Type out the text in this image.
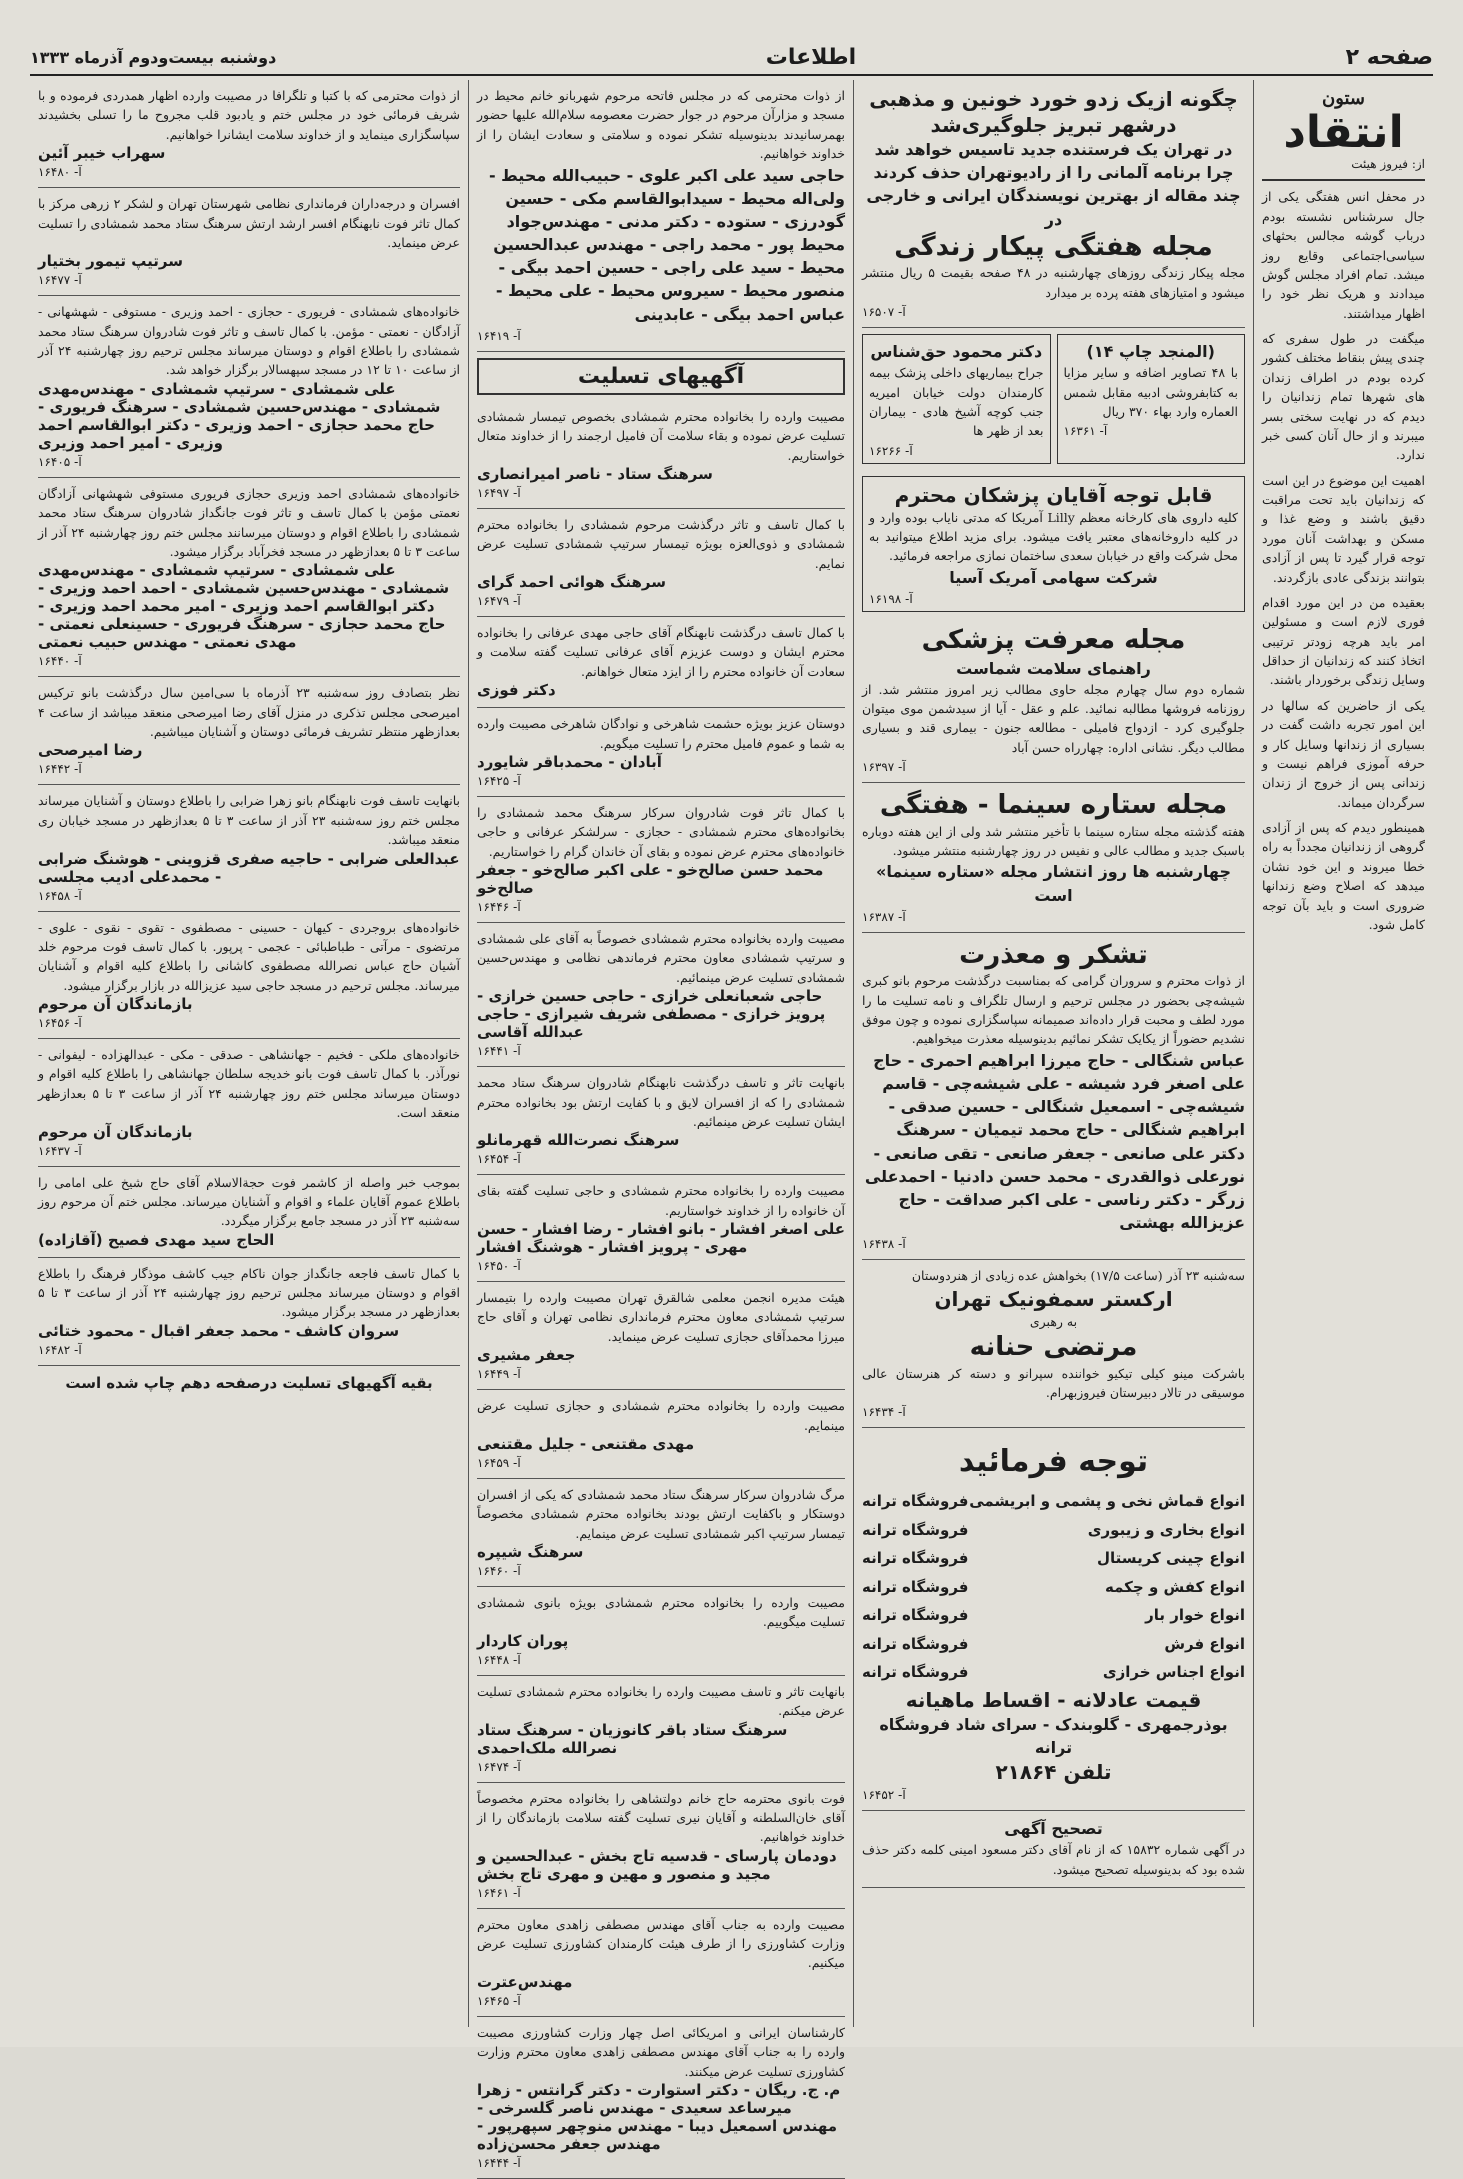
صفحه ۲
اطلاعات
دوشنبه بیست‌ودوم آذرماه ۱۳۳۳
ستون
انتقاد
از: فیروز هیئت
در محفل انس هفتگی یکی از جال سرشناس نشسته بودم درباب گوشه مجالس بحثهای سیاسی‌اجتماعی وقایع روز میشد. تمام افراد مجلس گوش میدادند و هریک نظر خود را اظهار میداشتند.
میگفت در طول سفری که چندی پیش بنقاط مختلف کشور کرده بودم در اطراف زندان های شهرها تمام زندانیان را دیدم که در نهایت سختی بسر میبرند و از حال آنان کسی خبر ندارد.
اهمیت این موضوع در این است که زندانیان باید تحت مراقبت دقیق باشند و وضع غذا و مسکن و بهداشت آنان مورد توجه قرار گیرد تا پس از آزادی بتوانند بزندگی عادی بازگردند.
بعقیده من در این مورد اقدام فوری لازم است و مسئولین امر باید هرچه زودتر ترتیبی اتخاذ کنند که زندانیان از حداقل وسایل زندگی برخوردار باشند.
یکی از حاضرین که سالها در این امور تجربه داشت گفت در بسیاری از زندانها وسایل کار و حرفه آموزی فراهم نیست و زندانی پس از خروج از زندان سرگردان میماند.
همینطور دیدم که پس از آزادی گروهی از زندانیان مجدداً به راه خطا میروند و این خود نشان میدهد که اصلاح وضع زندانها ضروری است و باید بآن توجه کامل شود.
چگونه ازیک زدو خورد خونین و مذهبی درشهر تبریز جلوگیری‌شد
در تهران یک فرستنده جدید تاسیس خواهد شد
چرا برنامه آلمانی را از رادیوتهران حذف کردند
چند مقاله از بهترین نویسندگان ایرانی و خارجی در
مجله هفتگی پیکار زندگی
مجله پیکار زندگی روزهای چهارشنبه در ۴۸ صفحه بقیمت ۵ ریال منتشر میشود و امتیازهای هفته پرده بر میدارد
آ- ۱۶۵۰۷
(المنجد چاپ ۱۴)
با ۴۸ تصاویر اضافه و سایر مزایا به کتابفروشی ادبیه مقابل شمس العماره وارد بهاء ۳۷۰ ریال
آ- ۱۶۳۶۱
دکتر محمود حق‌شناس
جراح بیماریهای داخلی پزشک بیمه کارمندان دولت خیابان امیریه جنب کوچه آشیخ هادی - بیماران بعد از ظهر ها
آ- ۱۶۲۶۶
قابل توجه آقایان پزشکان محترم
کلیه داروی های کارخانه معظم Lilly آمریکا که مدتی نایاب بوده وارد و در کلیه داروخانه‌های معتبر یافت میشود. برای مزید اطلاع میتوانید به محل شرکت واقع در خیابان سعدی ساختمان نمازی مراجعه فرمائید.
شرکت سهامی آمریک آسیا
آ- ۱۶۱۹۸
مجله معرفت پزشکی
راهنمای سلامت شماست
شماره دوم سال چهارم مجله حاوی مطالب زیر امروز منتشر شد. از روزنامه فروشها مطالبه نمائید. علم و عقل - آیا از سیدشمن موی میتوان جلوگیری کرد - ازدواج فامیلی - مطالعه جنون - بیماری قند و بسیاری مطالب دیگر. نشانی اداره: چهارراه حسن آباد
آ- ۱۶۳۹۷
مجله ستاره سینما - هفتگی
هفته گذشته مجله ستاره سینما با تأخیر منتشر شد ولی از این هفته دوباره باسبک جدید و مطالب عالی و نفیس در روز چهارشنبه منتشر میشود.
چهارشنبه ها روز انتشار مجله «ستاره سینما» است
آ- ۱۶۳۸۷
تشکر و معذرت
از ذوات محترم و سروران گرامی که بمناسبت درگذشت مرحوم بانو کبری شیشه‌چی بحضور در مجلس ترحیم و ارسال تلگراف و نامه تسلیت ما را مورد لطف و محبت قرار داده‌اند صمیمانه سپاسگزاری نموده و چون موفق نشدیم حضوراً از یکایک تشکر نمائیم بدینوسیله معذرت میخواهیم.
عباس شنگالی - حاج میرزا ابراهیم احمری - حاج علی اصغر فرد شیشه - علی شیشه‌چی - قاسم شیشه‌چی - اسمعیل شنگالی - حسین صدقی - ابراهیم شنگالی - حاج محمد تیمیان - سرهنگ دکتر علی صانعی - جعفر صانعی - تقی صانعی - نورعلی ذوالقدری - محمد حسن دادنیا - احمدعلی زرگر - دکتر رناسی - علی اکبر صداقت - حاج عزیزالله بهشتی
آ- ۱۶۴۳۸
سه‌شنبه ۲۳ آذر (ساعت ۱۷/۵) بخواهش عده زیادی از هنردوستان
ارکستر سمفونیک تهران
به رهبری
مرتضی حنانه
باشرکت مینو کیلی تیکیو خواننده سپرانو و دسته کر هنرستان عالی موسیقی در تالار دبیرستان فیروزبهرام.
آ- ۱۶۴۳۴
توجه فرمائید
انواع قماش نخی و پشمی و ابریشمی
فروشگاه ترانه
انواع بخاری و زیبوری
فروشگاه ترانه
انواع چینی کریستال
فروشگاه ترانه
انواع کفش و چکمه
فروشگاه ترانه
انواع خوار بار
فروشگاه ترانه
انواع فرش
فروشگاه ترانه
انواع اجناس خرازی
فروشگاه ترانه
قیمت عادلانه - اقساط ماهیانه
بوذرجمهری - گلوبندک - سرای شاد فروشگاه ترانه
تلفن ۲۱۸۶۴
آ- ۱۶۴۵۲
تصحیح آگهی
در آگهی شماره ۱۵۸۳۲ که از نام آقای دکتر مسعود امینی کلمه دکتر حذف شده بود که بدینوسیله تصحیح میشود.
از ذوات محترمی که در مجلس فاتحه مرحوم شهربانو خانم محیط در مسجد و مزارآن مرحوم در جوار حضرت معصومه سلام‌الله علیها حضور بهمرسانیدند بدینوسیله تشکر نموده و سلامتی و سعادت ایشان را از خداوند خواهانیم.
حاجی سید علی اکبر علوی - حبیب‌الله محیط - ولی‌اله محیط - سیدابوالقاسم مکی - حسین گودرزی - ستوده - دکتر مدنی - مهندس‌جواد محیط پور - محمد راجی - مهندس عبدالحسین محیط - سید علی راجی - حسین احمد بیگی - منصور محیط - سیروس محیط - علی محیط - عباس احمد بیگی - عابدینی
آ- ۱۶۴۱۹
آگهیهای تسلیت
مصیبت وارده را بخانواده محترم شمشادی بخصوص تیمسار شمشادی تسلیت عرض نموده و بقاء سلامت آن فامیل ارجمند را از خداوند متعال خواستاریم.
سرهنگ ستاد - ناصر امیرانصاری
آ- ۱۶۴۹۷
با کمال تاسف و تاثر درگذشت مرحوم شمشادی را بخانواده محترم شمشادی و ذوی‌العزه بویژه تیمسار سرتیپ شمشادی تسلیت عرض نمایم.
سرهنگ هوائی احمد گرای
آ- ۱۶۴۷۹
با کمال تاسف درگذشت نابهنگام آقای حاجی مهدی عرفانی را بخانواده محترم ایشان و دوست عزیزم آقای عرفانی تسلیت گفته سلامت و سعادت آن خانواده محترم را از ایزد متعال خواهانم.
دکتر فوزی
دوستان عزیز بویژه حشمت شاهرخی و نوادگان شاهرخی مصیبت وارده به شما و عموم فامیل محترم را تسلیت میگویم.
آبادان - محمدباقر شایورد
آ- ۱۶۴۲۵
با کمال تاثر فوت شادروان سرکار سرهنگ محمد شمشادی را بخانواده‌های محترم شمشادی - حجازی - سرلشکر عرفانی و حاجی خانواده‌های محترم عرض نموده و بقای آن خاندان گرام را خواستاریم.
محمد حسن صالح‌خو - علی اکبر صالح‌خو - جعفر صالح‌خو
آ- ۱۶۴۴۶
مصیبت وارده بخانواده محترم شمشادی خصوصاً به آقای علی شمشادی و سرتیپ شمشادی معاون محترم فرماندهی نظامی و مهندس‌حسین شمشادی تسلیت عرض مینمائیم.
حاجی شعبانعلی خرازی - حاجی حسین خرازی - پرویز خرازی - مصطفی شریف شیرازی - حاجی عبدالله آقاسی
آ- ۱۶۴۴۱
بانهایت تاثر و تاسف درگذشت نابهنگام شادروان سرهنگ ستاد محمد شمشادی را که از افسران لایق و با کفایت ارتش بود بخانواده محترم ایشان تسلیت عرض مینمائیم.
سرهنگ نصرت‌الله قهرمانلو
آ- ۱۶۴۵۴
مصیبت وارده را بخانواده محترم شمشادی و حاجی تسلیت گفته بقای آن خانواده را از خداوند خواستاریم.
علی اصغر افشار - بانو افشار - رضا افشار - حسن مهری - پرویز افشار - هوشنگ افشار
آ- ۱۶۴۵۰
هیئت مدیره انجمن معلمی شالقرق تهران مصیبت وارده را بتیمسار سرتیپ شمشادی معاون محترم فرمانداری نظامی تهران و آقای حاج میرزا محمدآقای حجازی تسلیت عرض مینماید.
جعفر مشیری
آ- ۱۶۴۴۹
مصیبت وارده را بخانواده محترم شمشادی و حجازی تسلیت عرض مینمایم.
مهدی مقتنعی - جلیل مقتنعی
آ- ۱۶۴۵۹
مرگ شادروان سرکار سرهنگ ستاد محمد شمشادی که یکی از افسران دوستکار و باکفایت ارتش بودند بخانواده محترم شمشادی مخصوصاً تیمسار سرتیپ اکبر شمشادی تسلیت عرض مینمایم.
سرهنگ شیپره
آ- ۱۶۴۶۰
مصیبت وارده را بخانواده محترم شمشادی بویژه بانوی شمشادی تسلیت میگوییم.
پوران کاردار
آ- ۱۶۴۴۸
بانهایت تاثر و تاسف مصیبت وارده را بخانواده محترم شمشادی تسلیت عرض میکنم.
سرهنگ ستاد باقر کانوزیان - سرهنگ ستاد نصرالله ملک‌احمدی
آ- ۱۶۴۷۴
فوت بانوی محترمه حاج خانم دولتشاهی را بخانواده محترم مخصوصاً آقای خان‌السلطنه و آقایان نیری تسلیت گفته سلامت بازماندگان را از خداوند خواهانیم.
دودمان پارسای - قدسیه تاج بخش - عبدالحسین و مجید و منصور و مهین و مهری تاج بخش
آ- ۱۶۴۶۱
مصیبت وارده به جناب آقای مهندس مصطفی زاهدی معاون محترم وزارت کشاورزی را از طرف هیئت کارمندان کشاورزی تسلیت عرض میکنیم.
مهندس‌عترت
آ- ۱۶۴۶۵
کارشناسان ایرانی و امریکائی اصل چهار وزارت کشاورزی مصیبت وارده را به جناب آقای مهندس مصطفی زاهدی معاون محترم وزارت کشاورزی تسلیت عرض میکنند.
م. ج. ریگان - دکتر استوارت - دکتر گرانتس - زهرا میرساعد سعیدی - مهندس ناصر گلسرخی - مهندس اسمعیل دیبا - مهندس منوچهر سپهرپور - مهندس جعفر محسن‌زاده
آ- ۱۶۴۴۴
از ذوات محترمی که با کتبا و تلگرافا در مصیبت وارده اظهار همدردی فرموده و با شریف فرمائی خود در مجلس ختم و یادبود قلب مجروح ما را تسلی بخشیدند سپاسگزاری مینماید و از خداوند سلامت ایشانرا خواهانیم.
سهراب خیبر آئین
آ- ۱۶۴۸۰
افسران و درجه‌داران فرمانداری نظامی شهرستان تهران و لشکر ۲ زرهی مرکز با کمال تاثر فوت نابهنگام افسر ارشد ارتش سرهنگ ستاد محمد شمشادی را تسلیت عرض مینماید.
سرتیپ تیمور بختیار
آ- ۱۶۴۷۷
خانواده‌های شمشادی - فریوری - حجازی - احمد وزیری - مستوفی - شهشهانی - آزادگان - نعمتی - مؤمن. با کمال تاسف و تاثر فوت شادروان سرهنگ ستاد محمد شمشادی را باطلاع اقوام و دوستان میرساند مجلس ترحیم روز چهارشنبه ۲۴ آذر از ساعت ۱۰ تا ۱۲ در مسجد سپهسالار برگزار خواهد شد.
علی شمشادی - سرتیپ شمشادی - مهندس‌مهدی شمشادی - مهندس‌حسین شمشادی - سرهنگ فریوری - حاج محمد حجازی - احمد وزیری - دکتر ابوالقاسم احمد وزیری - امیر احمد وزیری
آ- ۱۶۴۰۵
خانواده‌های شمشادی احمد وزیری حجازی فریوری مستوفی شهشهانی آزادگان نعمتی مؤمن با کمال تاسف و تاثر فوت جانگداز شادروان سرهنگ ستاد محمد شمشادی را باطلاع اقوام و دوستان میرسانند مجلس ختم روز چهارشنبه ۲۴ آذر از ساعت ۳ تا ۵ بعدازظهر در مسجد فخرآباد برگزار میشود.
علی شمشادی - سرتیپ شمشادی - مهندس‌مهدی شمشادی - مهندس‌حسین شمشادی - احمد احمد وزیری - دکتر ابوالقاسم احمد وزیری - امیر محمد احمد وزیری - حاج محمد حجازی - سرهنگ فریوری - حسینعلی نعمتی - مهدی نعمتی - مهندس حبیب نعمتی
آ- ۱۶۴۴۰
نظر بتصادف روز سه‌شنبه ۲۳ آذرماه با سی‌امین سال درگذشت بانو ترکیس امیرصحی مجلس تذکری در منزل آقای رضا امیرصحی منعقد میباشد از ساعت ۴ بعدازظهر منتظر تشریف فرمائی دوستان و آشنایان میباشیم.
رضا امیرصحی
آ- ۱۶۴۴۲
بانهایت تاسف فوت نابهنگام بانو زهرا ضرابی را باطلاع دوستان و آشنایان میرساند مجلس ختم روز سه‌شنبه ۲۳ آذر از ساعت ۳ تا ۵ بعدازظهر در مسجد خیابان ری منعقد میباشد.
عبدالعلی ضرابی - حاجیه صفری قزوینی - هوشنگ ضرابی - محمدعلی ادیب مجلسی
آ- ۱۶۴۵۸
خانواده‌های بروجردی - کیهان - حسینی - مصطفوی - تقوی - نقوی - علوی - مرتضوی - مرآتی - طباطبائی - عجمی - پرپور. با کمال تاسف فوت مرحوم خلد آشیان حاج عباس نصرالله مصطفوی کاشانی را باطلاع کلیه اقوام و آشنایان میرساند. مجلس ترحیم در مسجد حاجی سید عزیزالله در بازار برگزار میشود.
بازماندگان آن مرحوم
آ- ۱۶۴۵۶
خانواده‌های ملکی - فخیم - جهانشاهی - صدقی - مکی - عبدالهزاده - لیفوانی - نورآذر. با کمال تاسف فوت بانو خدیجه سلطان جهانشاهی را باطلاع کلیه اقوام و دوستان میرساند مجلس ختم روز چهارشنبه ۲۴ آذر از ساعت ۳ تا ۵ بعدازظهر منعقد است.
بازماندگان آن مرحوم
آ- ۱۶۴۳۷
بموجب خبر واصله از کاشمر فوت حجةالاسلام آقای حاج شیخ علی امامی را باطلاع عموم آقایان علماء و اقوام و آشنایان میرساند. مجلس ختم آن مرحوم روز سه‌شنبه ۲۳ آذر در مسجد جامع برگزار میگردد.
الحاج سید مهدی فصیح (آقازاده)
با کمال تاسف فاجعه جانگداز جوان ناکام جیب کاشف موذگار فرهنگ را باطلاع اقوام و دوستان میرساند مجلس ترحیم روز چهارشنبه ۲۴ آذر از ساعت ۳ تا ۵ بعدازظهر در مسجد برگزار میشود.
سروان کاشف - محمد جعفر اقبال - محمود ختائی
آ- ۱۶۴۸۲
بقیه آگهیهای تسلیت درصفحه دهم چاپ شده است
